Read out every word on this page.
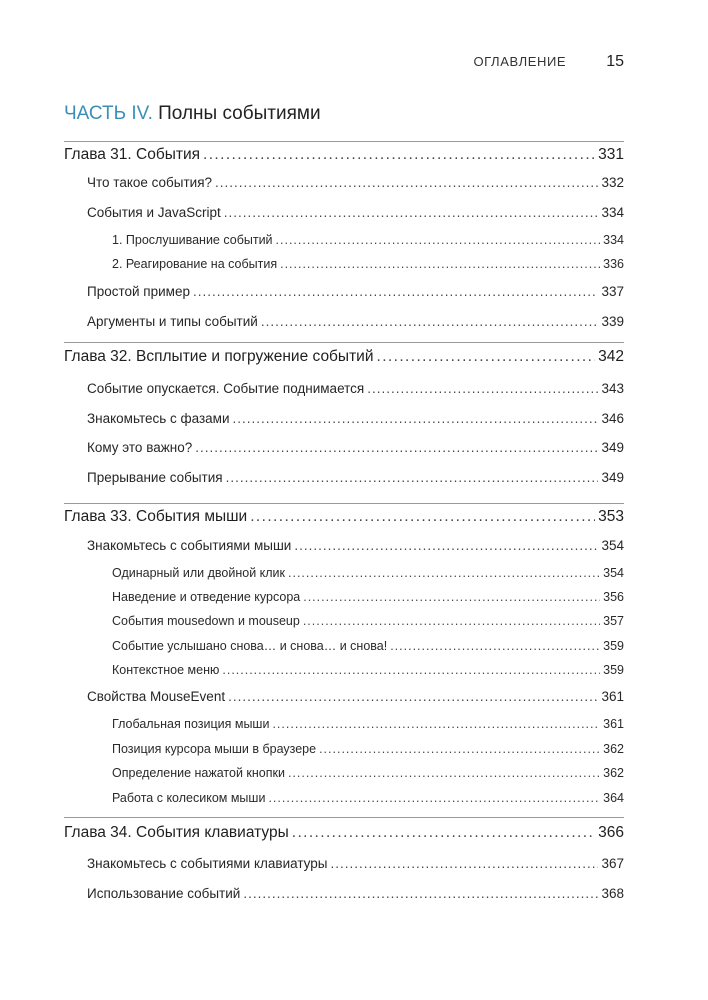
ОГЛАВЛЕНИЕ	15
ЧАСТЬ IV. Полны событиями
Глава 31. События .....	331
Что такое события? .....	332
События и JavaScript .....	334
1. Прослушивание событий .....	334
2. Реагирование на события .....	336
Простой пример .....	337
Аргументы и типы событий .....	339
Глава 32. Всплытие и погружение событий .....	342
Событие опускается. Событие поднимается .....	343
Знакомьтесь с фазами .....	346
Кому это важно? .....	349
Прерывание события .....	349
Глава 33. События мыши .....	353
Знакомьтесь с событиями мыши .....	354
Одинарный или двойной клик .....	354
Наведение и отведение курсора .....	356
События mousedown и mouseup .....	357
Событие услышано снова… и снова… и снова! .....	359
Контекстное меню .....	359
Свойства MouseEvent .....	361
Глобальная позиция мыши .....	361
Позиция курсора мыши в браузере .....	362
Определение нажатой кнопки .....	362
Работа с колесиком мыши .....	364
Глава 34. События клавиатуры .....	366
Знакомьтесь с событиями клавиатуры .....	367
Использование событий .....	368
